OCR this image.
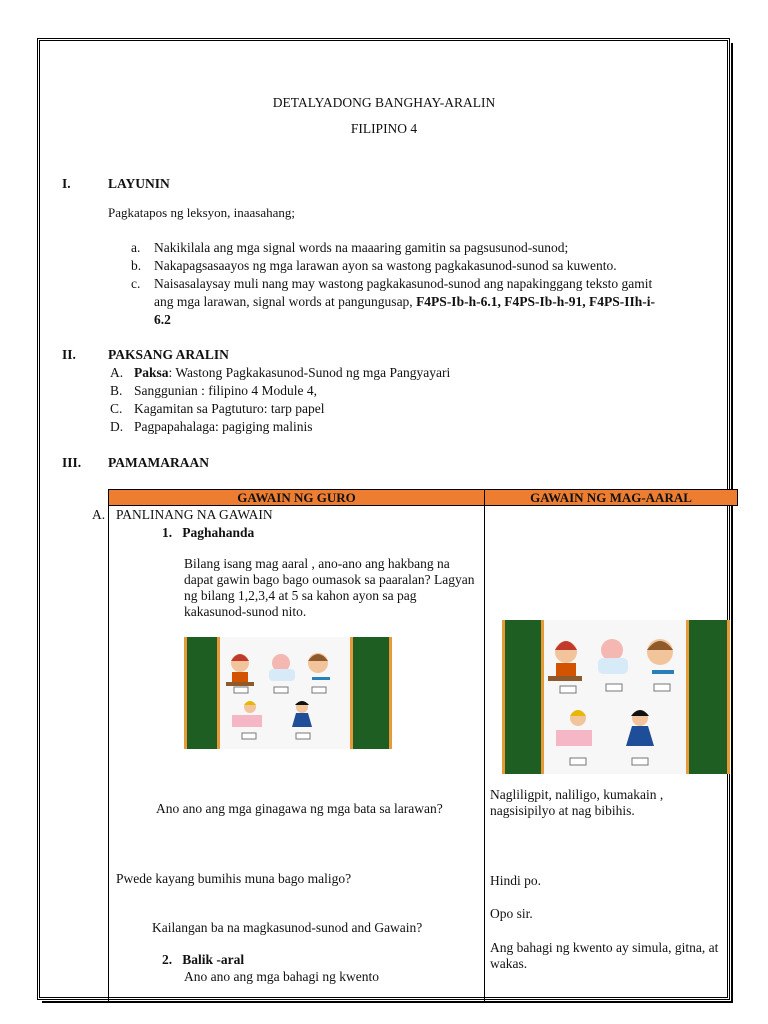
DETALYADONG BANGHAY-ARALIN
FILIPINO 4
I.	LAYUNIN
Pagkatapos ng leksyon, inaasahang;
a. Nakikilala ang mga signal words na maaaring gamitin sa pagsusunod-sunod;
b. Nakapagsasaayos ng mga larawan ayon sa wastong pagkakasunod-sunod sa kuwento.
c. Naisasalaysay muli nang may wastong pagkakasunod-sunod ang napakinggang teksto gamit
ang mga larawan, signal words at pangungusap, F4PS-Ib-h-6.1, F4PS-Ib-h-91, F4PS-IIh-i-
6.2
II. PAKSANG ARALIN
A. Paksa: Wastong Pagkakasunod-Sunod ng mga Pangyayari
B. Sanggunian : filipino 4 Module 4,
C. Kagamitan sa Pagtuturo: tarp papel
D. Pagpapahalaga: pagiging malinis
III. PAMAMARAAN
GAWAIN NG GURO	GAWAIN NG MAG-AARAL
1. Paghahanda
Bilang isang mag aaral , ano-ano ang hakbang na dapat gawin bago bago oumasok sa paaralan? Lagyan ng bilang 1,2,3,4 at 5 sa kahon ayon sa pag kakasunod-sunod nito.
Ano ano ang mga ginagawa ng mga bata sa larawan?
Pwede kayang bumihis muna bago maligo?
Kailangan ba na magkasunod-sunod and Gawain?
2. Balik -aral
Ano ano ang mga bahagi ng kwento
Nagliligpit, naliligo, kumakain , nagsisipilyo at nag bibihis.
Hindi po.
Opo sir.
Ang bahagi ng kwento ay simula, gitna, at wakas.
A. PANLINANG NA GAWAIN
